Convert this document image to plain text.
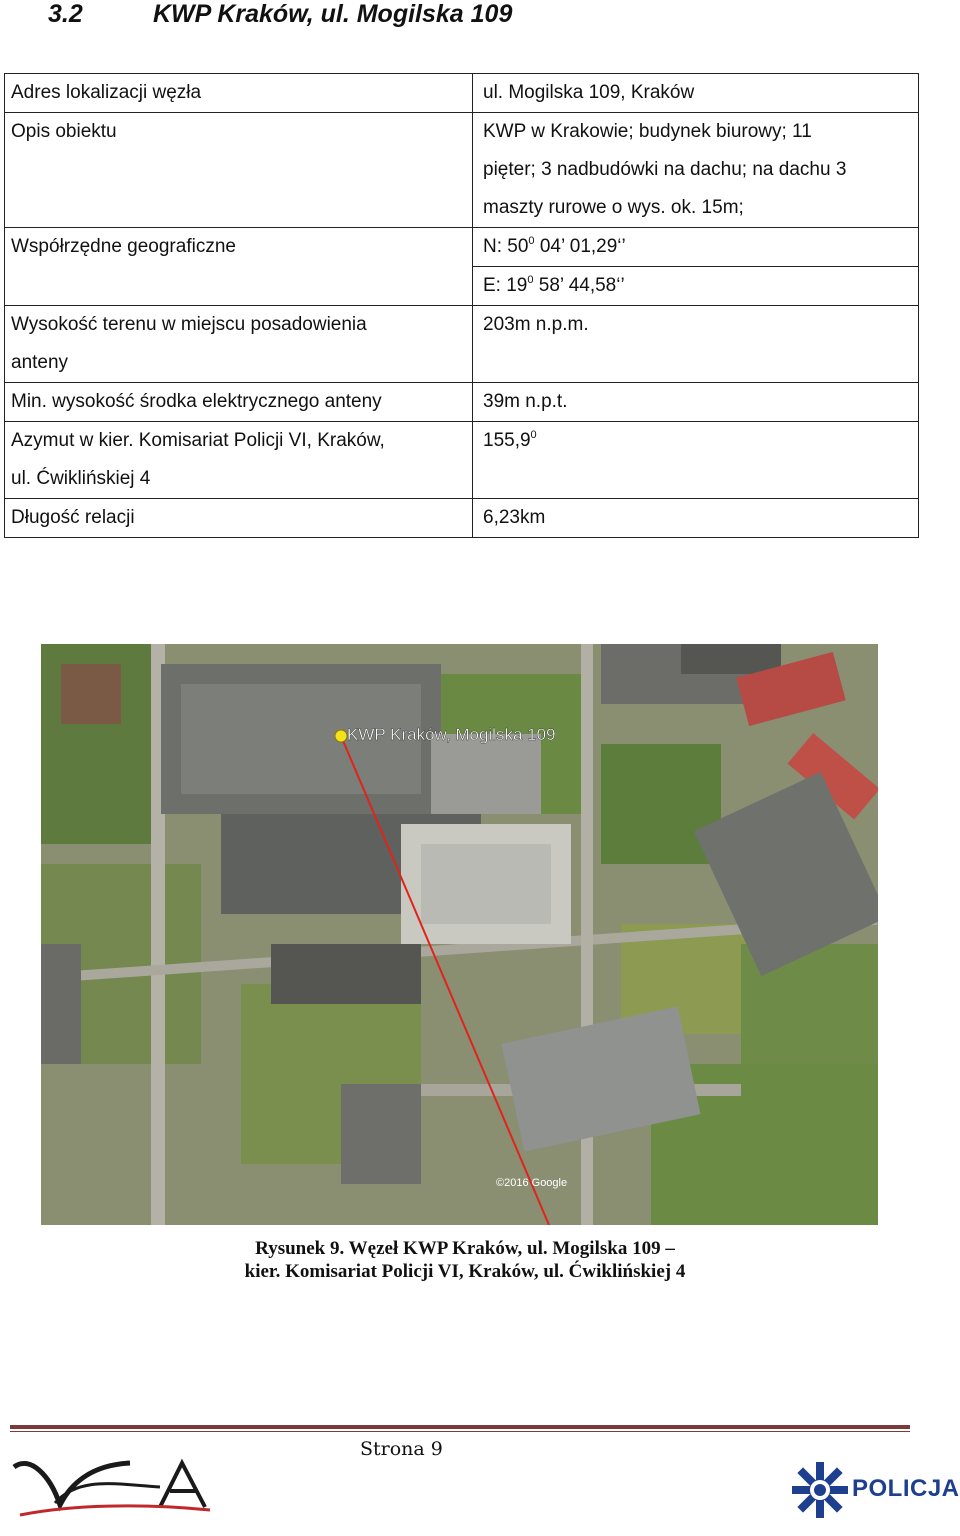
3.2	KWP Kraków, ul. Mogilska 109
Adres lokalizacji węzła	ul. Mogilska 109, Kraków
Opis obiektu	KWP w Krakowie; budynek biurowy; 11
pięter; 3 nadbudówki na dachu; na dachu 3
maszty rurowe o wys. ok. 15m;

Współrzędne geograficzne	N: $50^0$ 04’ 01,29‘’
	E: $19^0$ 58’ 44,58‘’

Wysokość terenu w miejscu posadowienia
anteny	203m n.p.m.
Min. wysokość środka elektrycznego anteny	39m n.p.t.

Azymut w kier. Komisariat Policji VI, Kraków,
ul. Ćwiklińskiej 4	155,9$^0$
Długość relacji	6,23km
KWP Kraków, Mogilska 109
©2016 Google
Rysunek 9. Węzeł KWP Kraków, ul. Mogilska 109 –
kier. Komisariat Policji VI, Kraków, ul. Ćwiklińskiej 4
Strona 9
POLICJA
